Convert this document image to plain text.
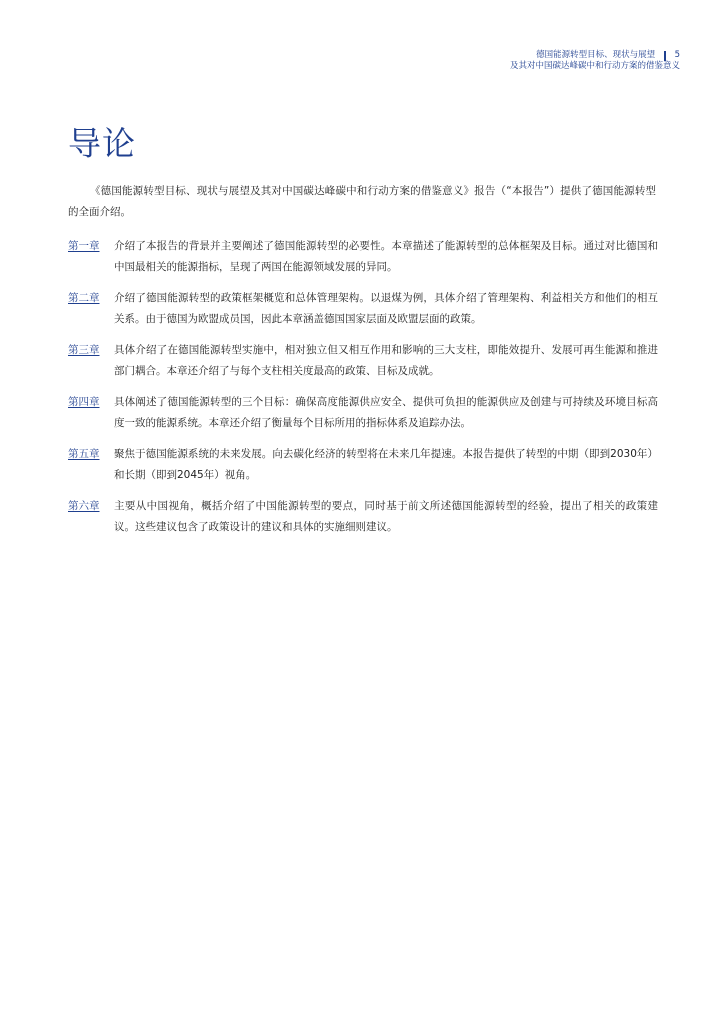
德国能源转型目标、现状与展望 5
及其对中国碳达峰碳中和行动方案的借鉴意义
导论

《德国能源转型目标、现状与展望及其对中国碳达峰碳中和行动方案的借鉴意义》报告（“本报告”）提供了德国能源转型的全面介绍。

第一章	介绍了本报告的背景并主要阐述了德国能源转型的必要性。本章描述了能源转型的总体框架及目标。通过对比德国和中国最相关的能源指标，呈现了两国在能源领域发展的异同。
第二章	介绍了德国能源转型的政策框架概览和总体管理架构。以退煤为例，具体介绍了管理架构、利益相关方和他们的相互关系。由于德国为欧盟成员国，因此本章涵盖德国国家层面及欧盟层面的政策。
第三章	具体介绍了在德国能源转型实施中，相对独立但又相互作用和影响的三大支柱，即能效提升、发展可再生能源和推进部门耦合。本章还介绍了与每个支柱相关度最高的政策、目标及成就。
第四章	具体阐述了德国能源转型的三个目标：确保高度能源供应安全、提供可负担的能源供应及创建与可持续及环境目标高度一致的能源系统。本章还介绍了衡量每个目标所用的指标体系及追踪办法。
第五章	聚焦于德国能源系统的未来发展。向去碳化经济的转型将在未来几年提速。本报告提供了转型的中期（即到2030年）和长期（即到2045年）视角。
第六章	主要从中国视角，概括介绍了中国能源转型的要点，同时基于前文所述德国能源转型的经验，提出了相关的政策建议。这些建议包含了政策设计的建议和具体的实施细则建议。
